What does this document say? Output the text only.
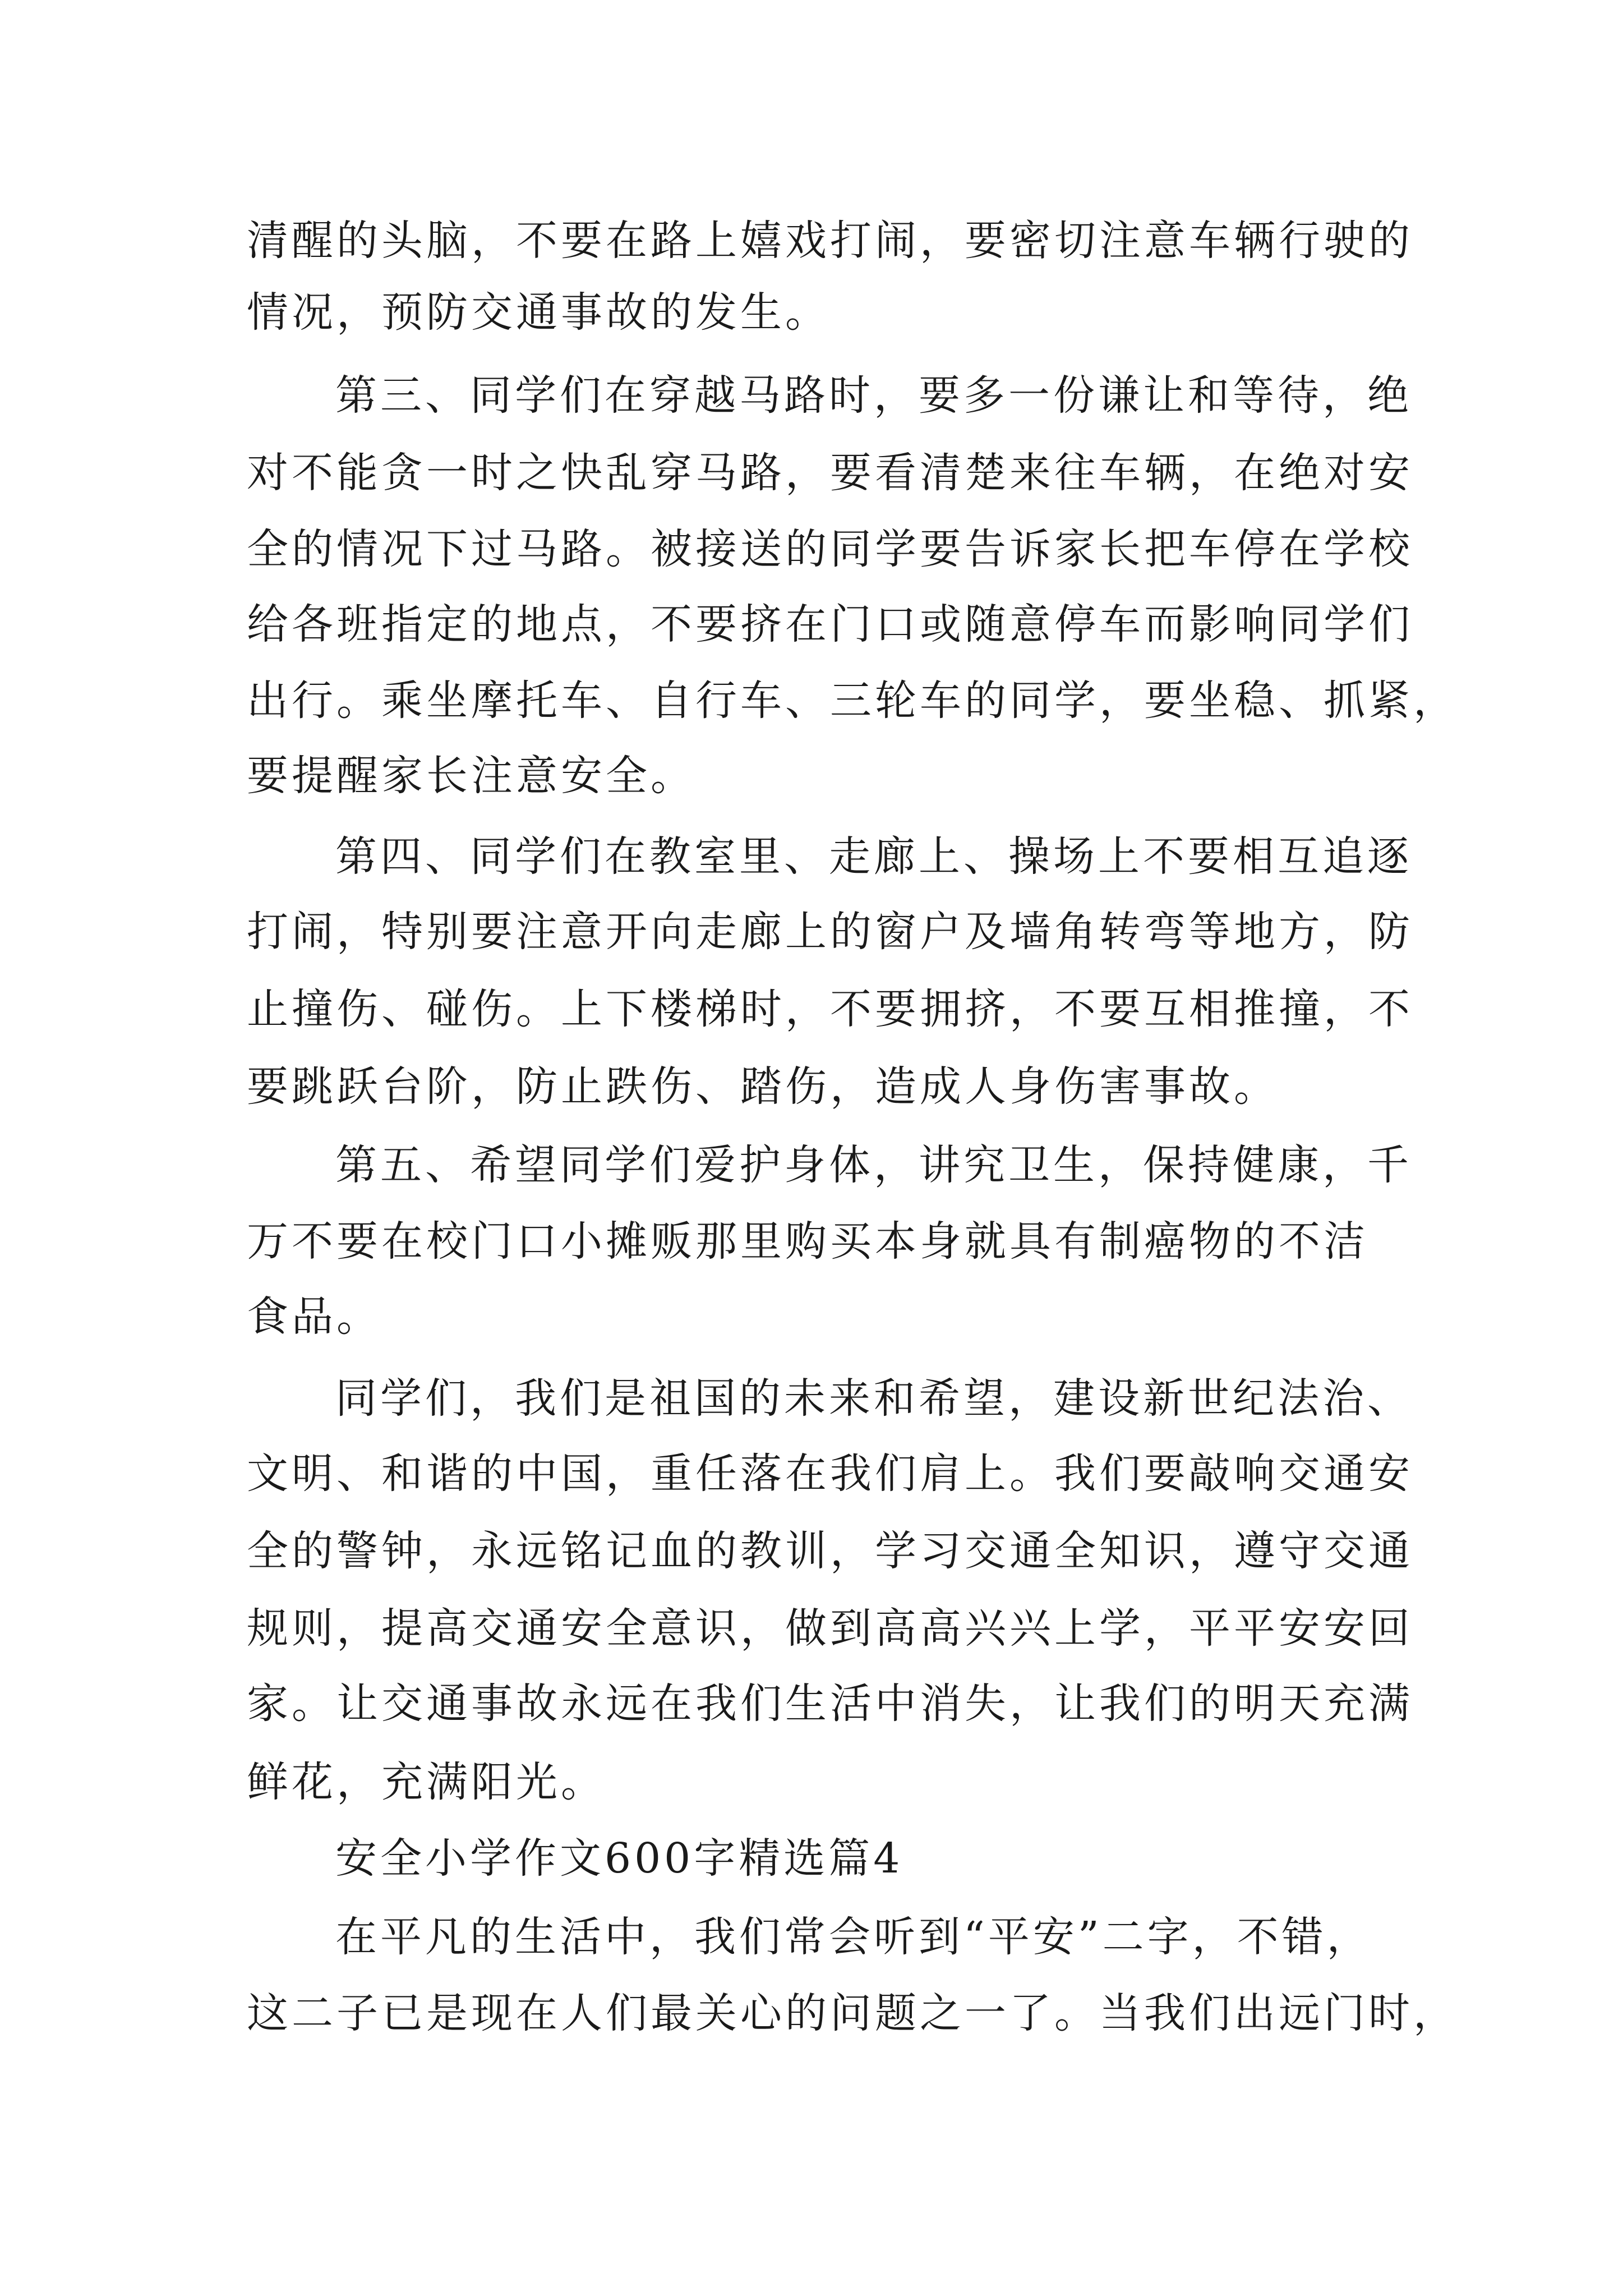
清醒的头脑，不要在路上嬉戏打闹，要密切注意车辆行驶的
情况，预防交通事故的发生。
第三、同学们在穿越马路时，要多一份谦让和等待，绝
对不能贪一时之快乱穿马路，要看清楚来往车辆，在绝对安
全的情况下过马路。被接送的同学要告诉家长把车停在学校
给各班指定的地点，不要挤在门口或随意停车而影响同学们
出行。乘坐摩托车、自行车、三轮车的同学，要坐稳、抓紧，
要提醒家长注意安全。
第四、同学们在教室里、走廊上、操场上不要相互追逐
打闹，特别要注意开向走廊上的窗户及墙角转弯等地方，防
止撞伤、碰伤。上下楼梯时，不要拥挤，不要互相推撞，不
要跳跃台阶，防止跌伤、踏伤，造成人身伤害事故。
第五、希望同学们爱护身体，讲究卫生，保持健康，千
万不要在校门口小摊贩那里购买本身就具有制癌物的不洁
食品。
同学们，我们是祖国的未来和希望，建设新世纪法治、
文明、和谐的中国，重任落在我们肩上。我们要敲响交通安
全的警钟，永远铭记血的教训，学习交通全知识，遵守交通
规则，提高交通安全意识，做到高高兴兴上学，平平安安回
家。让交通事故永远在我们生活中消失，让我们的明天充满
鲜花，充满阳光。
安全小学作文600字精选篇4
在平凡的生活中，我们常会听到“平安”二字，不错，
这二子已是现在人们最关心的问题之一了。当我们出远门时，
